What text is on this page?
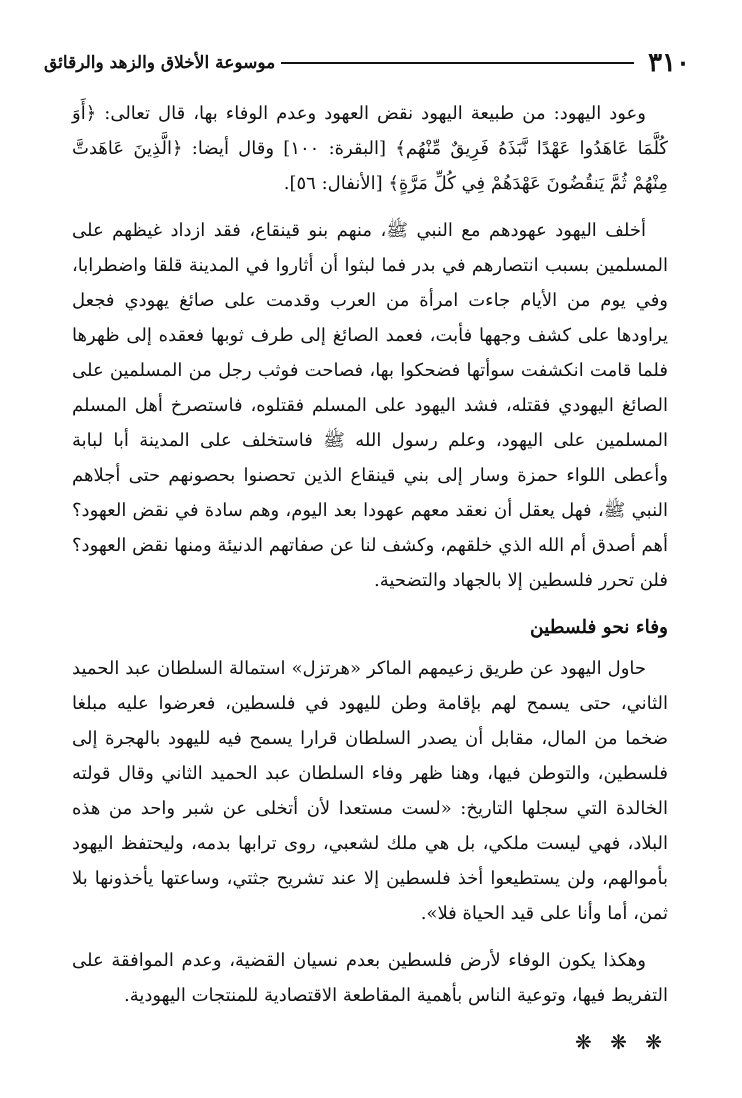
٣١٠
موسوعة الأخلاق والزهد والرقائق

وعود اليهود: من طبيعة اليهود نقض العهود وعدم الوفاء بها، قال تعالى: ﴿أَوَ كُلَّمَا عَاهَدُوا عَهْدًا نَّبَذَهُ فَرِيقٌ مِّنْهُم﴾ [البقرة: ١٠٠] وقال أيضا: ﴿الَّذِينَ عَاهَدتَّ مِنْهُمْ ثُمَّ يَنقُضُونَ عَهْدَهُمْ فِي كُلِّ مَرَّةٍ﴾ [الأنفال: ٥٦].

أخلف اليهود عهودهم مع النبي ﷺ، منهم بنو قينقاع، فقد ازداد غيظهم على المسلمين بسبب انتصارهم في بدر فما لبثوا أن أثاروا في المدينة قلقا واضطرابا، وفي يوم من الأيام جاءت امرأة من العرب وقدمت على صائغ يهودي فجعل يراودها على كشف وجهها فأبت، فعمد الصائغ إلى طرف ثوبها فعقده إلى ظهرها فلما قامت انكشفت سوأتها فضحكوا بها، فصاحت فوثب رجل من المسلمين على الصائغ اليهودي فقتله، فشد اليهود على المسلم فقتلوه، فاستصرخ أهل المسلم المسلمين على اليهود، وعلم رسول الله ﷺ فاستخلف على المدينة أبا لبابة وأعطى اللواء حمزة وسار إلى بني قينقاع الذين تحصنوا بحصونهم حتى أجلاهم النبي ﷺ، فهل يعقل أن نعقد معهم عهودا بعد اليوم، وهم سادة في نقض العهود؟ أهم أصدق أم الله الذي خلقهم، وكشف لنا عن صفاتهم الدنيئة ومنها نقض العهود؟ فلن تحرر فلسطين إلا بالجهاد والتضحية.

وفاء نحو فلسطين

حاول اليهود عن طريق زعيمهم الماكر «هرتزل» استمالة السلطان عبد الحميد الثاني، حتى يسمح لهم بإقامة وطن لليهود في فلسطين، فعرضوا عليه مبلغا ضخما من المال، مقابل أن يصدر السلطان قرارا يسمح فيه لليهود بالهجرة إلى فلسطين، والتوطن فيها، وهنا ظهر وفاء السلطان عبد الحميد الثاني وقال قولته الخالدة التي سجلها التاريخ: «لست مستعدا لأن أتخلى عن شبر واحد من هذه البلاد، فهي ليست ملكي، بل هي ملك لشعبي، روى ترابها بدمه، وليحتفظ اليهود بأموالهم، ولن يستطيعوا أخذ فلسطين إلا عند تشريح جثتي، وساعتها يأخذونها بلا ثمن، أما وأنا على قيد الحياة فلا».

وهكذا يكون الوفاء لأرض فلسطين بعدم نسيان القضية، وعدم الموافقة على التفريط فيها، وتوعية الناس بأهمية المقاطعة الاقتصادية للمنتجات اليهودية.

❋ ❋ ❋
